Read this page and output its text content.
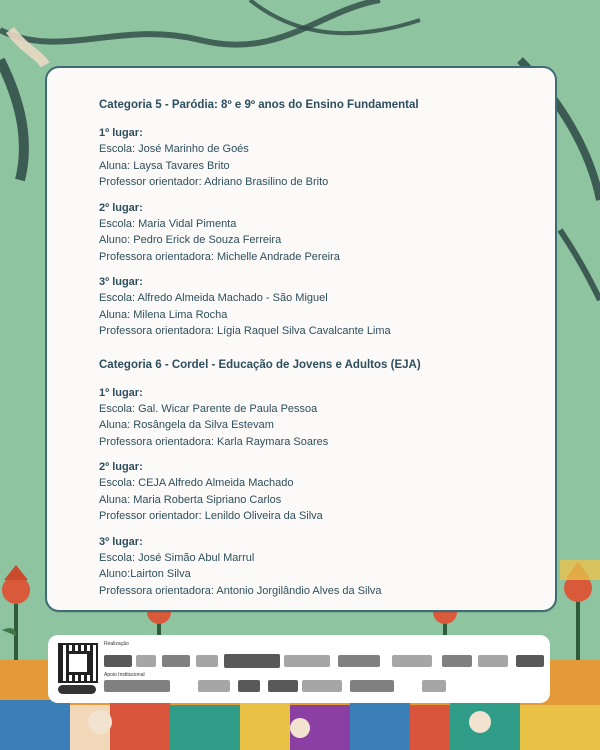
Categoria 5 - Paródia: 8º e 9º anos do Ensino Fundamental
1º lugar:
Escola: José Marinho de Goés
Aluna: Laysa Tavares Brito
Professor orientador: Adriano Brasilino de Brito
2º lugar:
Escola: Maria Vidal Pimenta
Aluno: Pedro Erick de Souza Ferreira
Professora orientadora: Michelle Andrade Pereira
3º lugar:
Escola: Alfredo Almeida Machado - São Miguel
Aluna: Milena Lima Rocha
Professora orientadora: Lígia Raquel Silva Cavalcante Lima
Categoria 6 - Cordel - Educação de Jovens e Adultos (EJA)
1º lugar:
Escola: Gal. Wicar Parente de Paula Pessoa
Aluna: Rosângela da Silva Estevam
Professora orientadora: Karla Raymara Soares
2º lugar:
Escola: CEJA Alfredo Almeida Machado
Aluna: Maria Roberta Sipriano Carlos
Professor orientador: Lenildo Oliveira da Silva
3º lugar:
Escola: José Simão Abul Marrul
Aluno:Lairton Silva
Professora orientadora: Antonio Jorgilândio Alves da Silva
Realização
Apoio Institucional
